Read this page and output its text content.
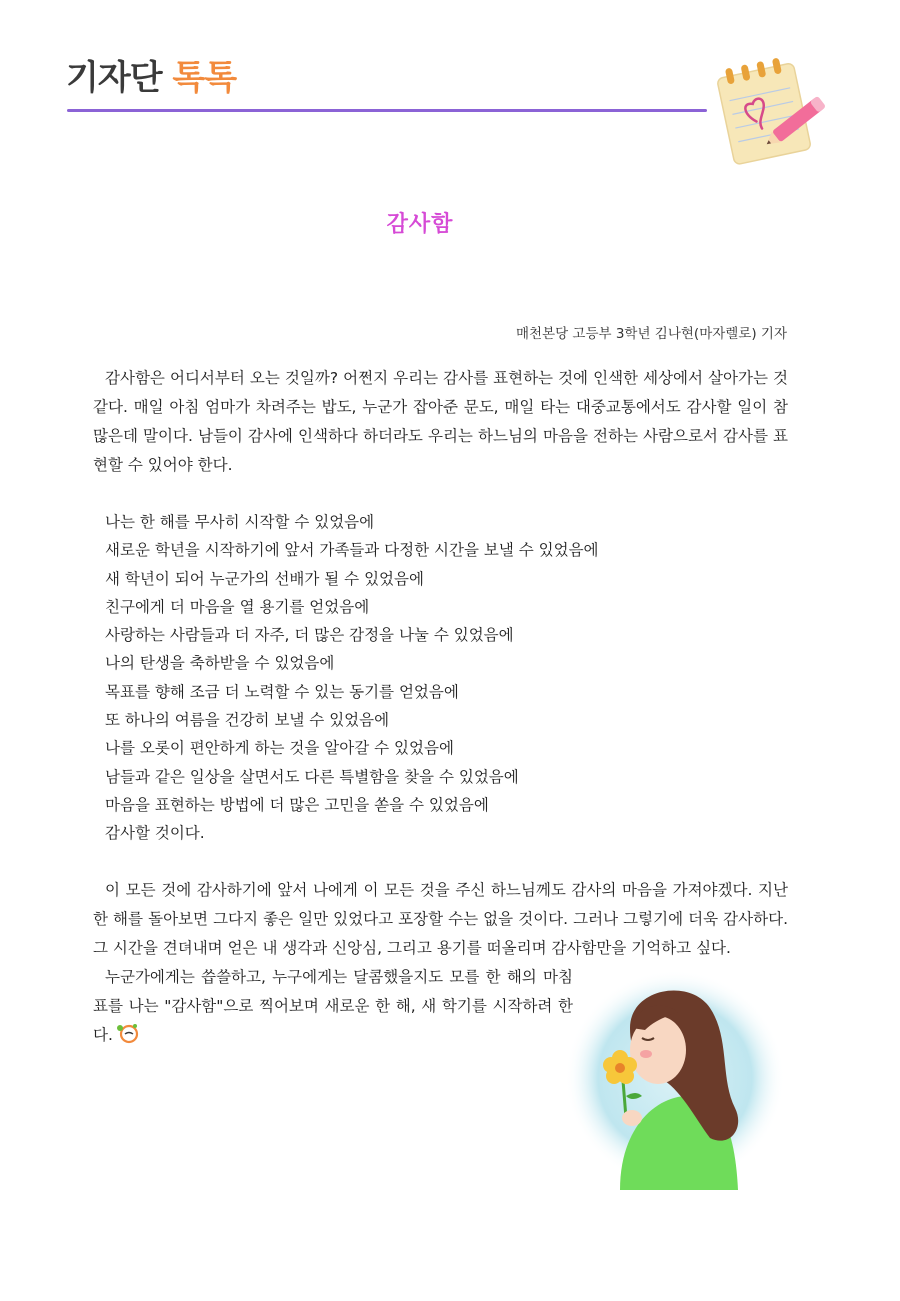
기자단 톡톡
감사함
매천본당 고등부 3학년 김나현(마자렐로) 기자

감사함은 어디서부터 오는 것일까? 어쩐지 우리는 감사를 표현하는 것에 인색한 세상에서 살아가는 것 같다. 매일 아침 엄마가 차려주는 밥도, 누군가 잡아준 문도, 매일 타는 대중교통에서도 감사할 일이 참 많은데 말이다. 남들이 감사에 인색하다 하더라도 우리는 하느님의 마음을 전하는 사람으로서 감사를 표현할 수 있어야 한다.

나는 한 해를 무사히 시작할 수 있었음에
새로운 학년을 시작하기에 앞서 가족들과 다정한 시간을 보낼 수 있었음에
새 학년이 되어 누군가의 선배가 될 수 있었음에
친구에게 더 마음을 열 용기를 얻었음에
사랑하는 사람들과 더 자주, 더 많은 감정을 나눌 수 있었음에
나의 탄생을 축하받을 수 있었음에
목표를 향해 조금 더 노력할 수 있는 동기를 얻었음에
또 하나의 여름을 건강히 보낼 수 있었음에
나를 오롯이 편안하게 하는 것을 알아갈 수 있었음에
남들과 같은 일상을 살면서도 다른 특별함을 찾을 수 있었음에
마음을 표현하는 방법에 더 많은 고민을 쏟을 수 있었음에
감사할 것이다.

이 모든 것에 감사하기에 앞서 나에게 이 모든 것을 주신 하느님께도 감사의 마음을 가져야겠다. 지난 한 해를 돌아보면 그다지 좋은 일만 있었다고 포장할 수는 없을 것이다. 그러나 그렇기에 더욱 감사하다. 그 시간을 견뎌내며 얻은 내 생각과 신앙심, 그리고 용기를 떠올리며 감사함만을 기억하고 싶다.

누군가에게는 씁쓸하고, 누구에게는 달콤했을지도 모를 한 해의 마침표를 나는 "감사함"으로 찍어보며 새로운 한 해, 새 학기를 시작하려 한다.
